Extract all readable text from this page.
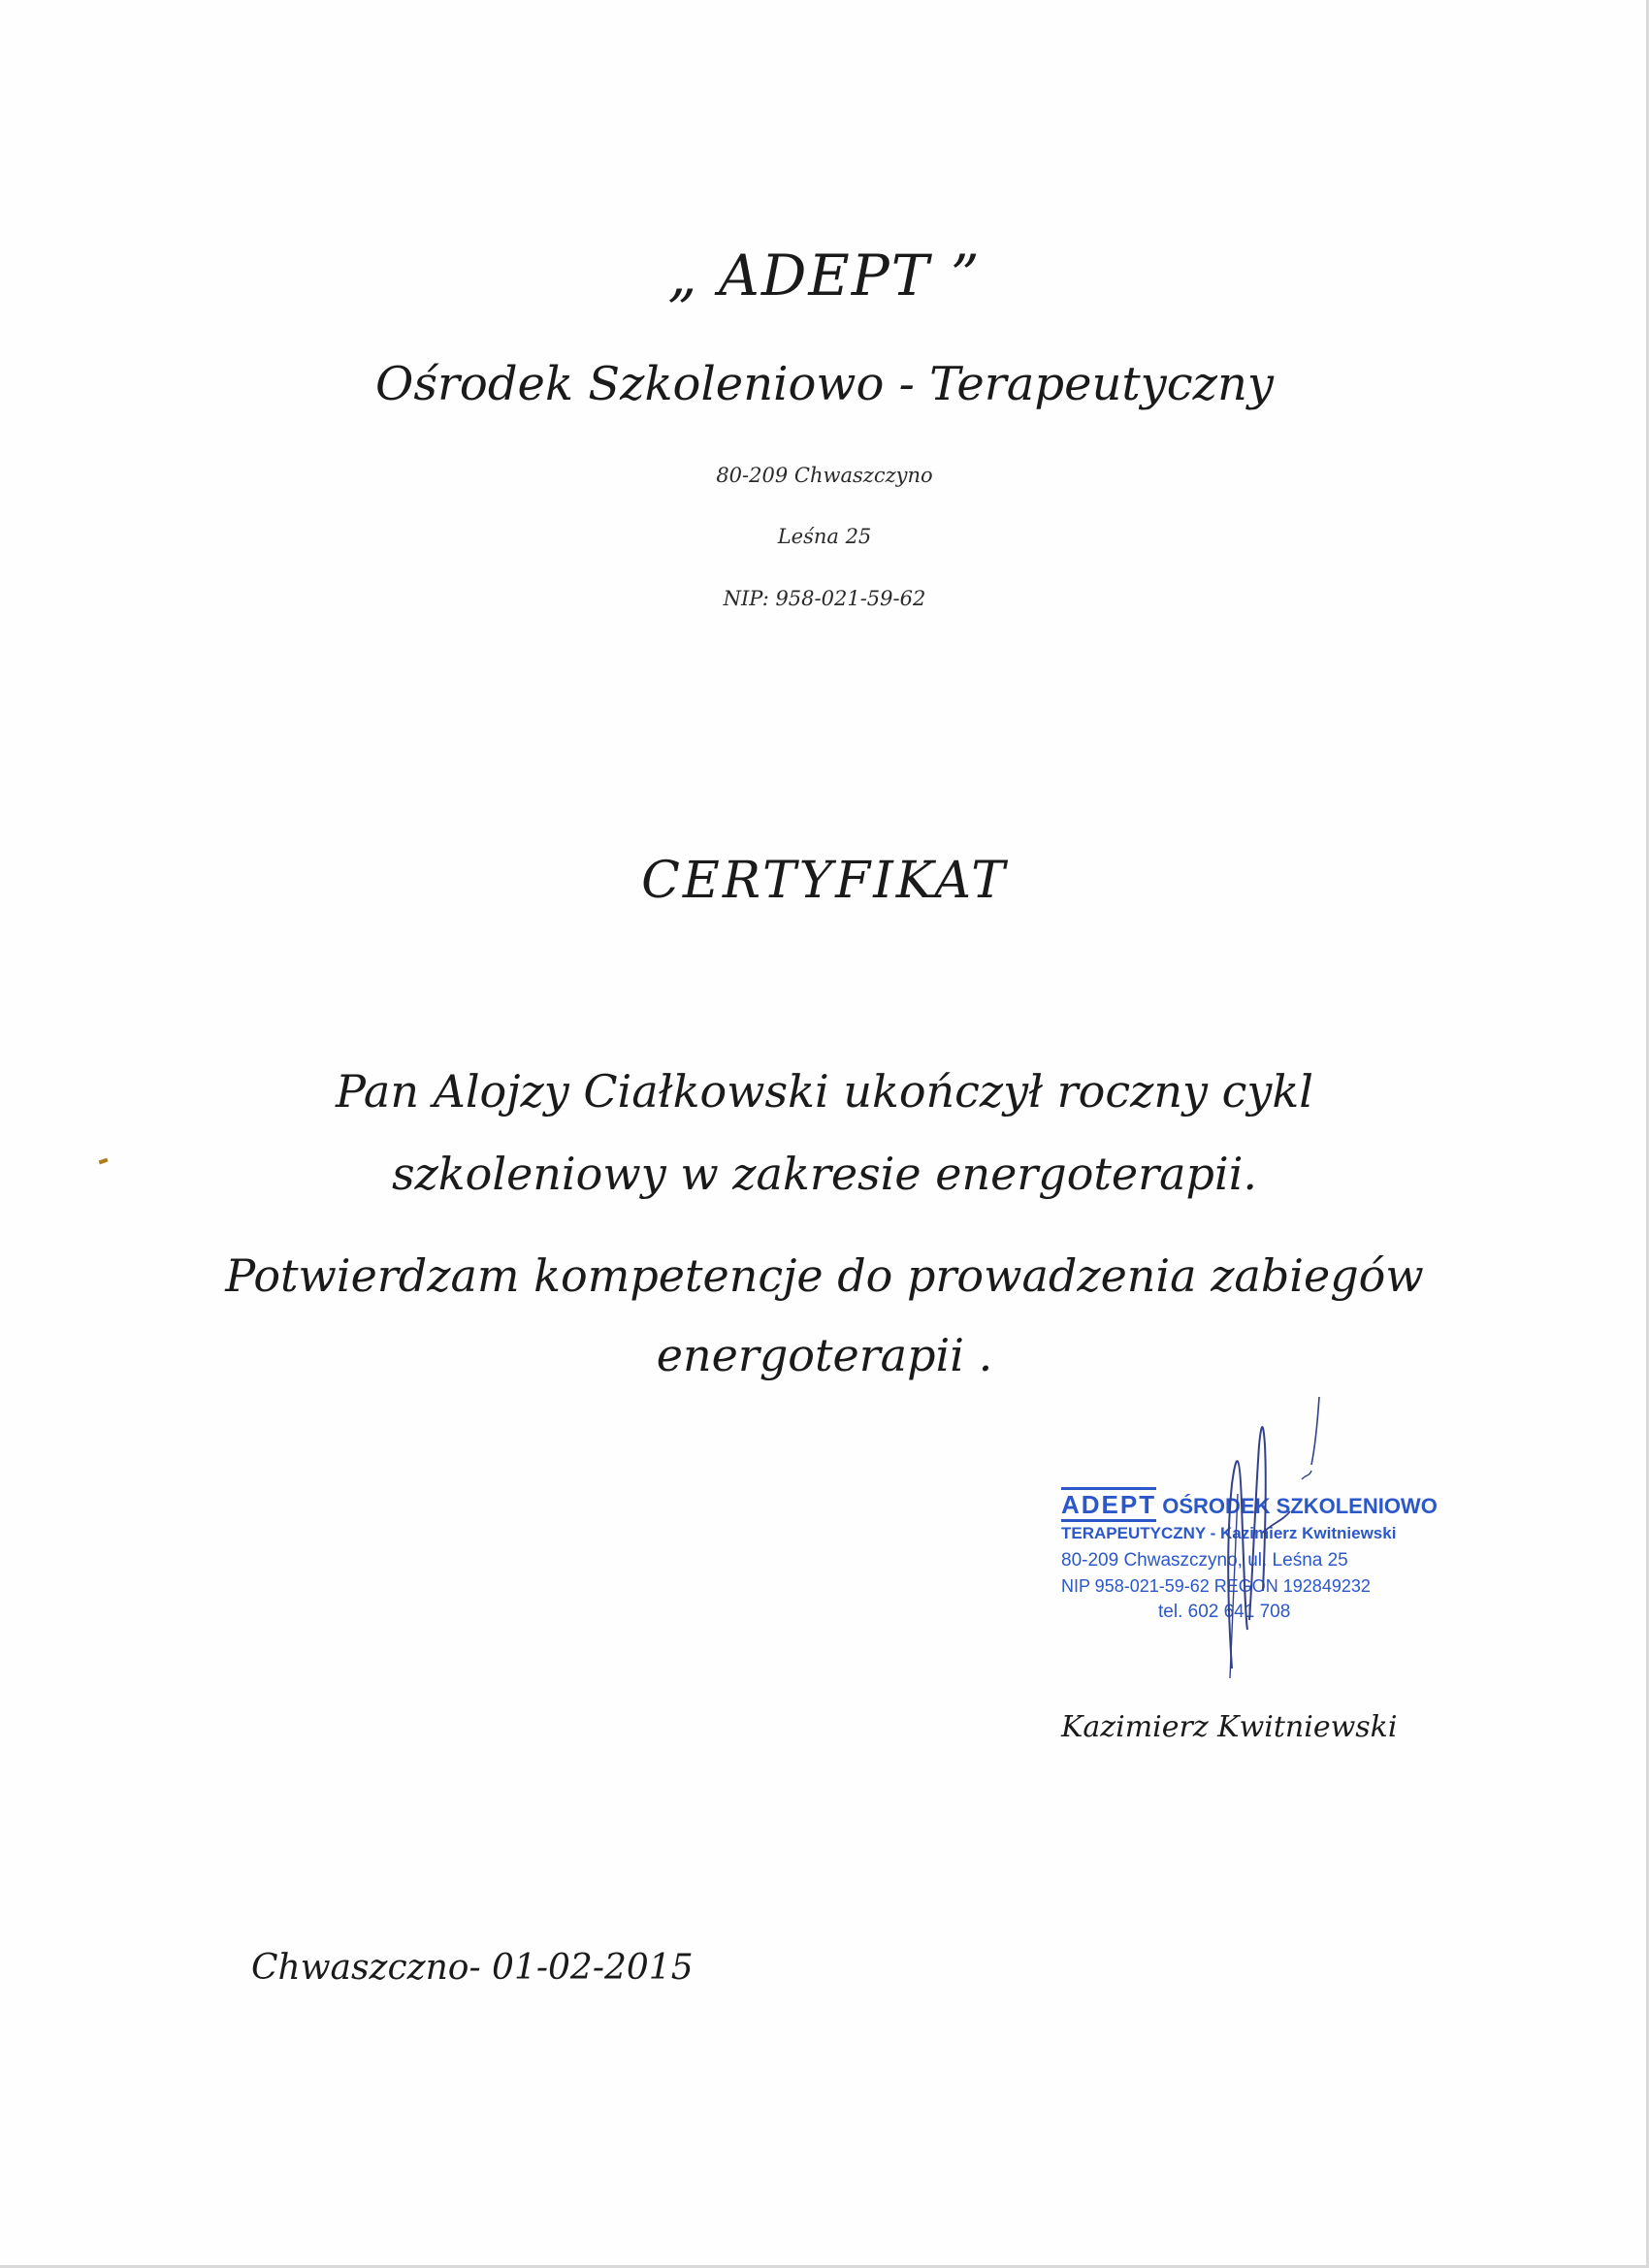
„ ADEPT ”
Ośrodek Szkoleniowo - Terapeutyczny
80-209 Chwaszczyno
Leśna 25
NIP: 958-021-59-62
CERTYFIKAT
Pan Alojzy Ciałkowski ukończył roczny cykl
szkoleniowy w zakresie energoterapii.
Potwierdzam kompetencje do prowadzenia zabiegów
energoterapii .
ADEPT OŚRODEK SZKOLENIOWO
TERAPEUTYCZNY - Kazimierz Kwitniewski
80-209 Chwaszczyno, ul. Leśna 25
NIP 958-021-59-62 REGON 192849232
tel. 602 641 708
Kazimierz Kwitniewski
Chwaszczno- 01-02-2015
